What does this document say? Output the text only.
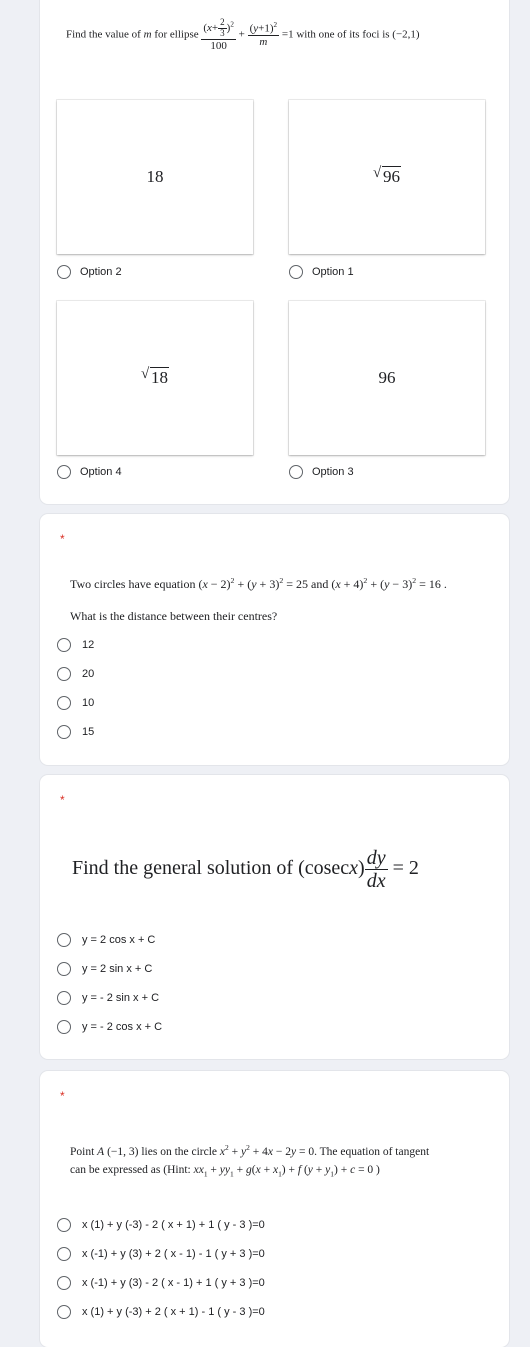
Find the value of m for ellipse $\frac{(x+ \frac{2}{3} )^2}{100} + \frac{(y+1)^2}{m} =1$ with one of its foci is (−2,1)
18	√ 96
Option 2	Option 1
√ 18	96
Option 4	Option 3
*
Two circles have equation $(x - 2)^2 + (y + 3)^2 = 25$ and $(x + 4)^2 + (y - 3)^2 = 16$ .
What is the distance between their centres?
12
20
10
15
*
Find the general solution of $(cosecx) \frac{dy}{dx} = 2$
y = 2 cos x + C
y = 2 sin x + C
y = - 2 sin x + C
y = - 2 cos x + C
*
Point A (−1, 3) lies on the circle $x^2 + y^2 + 4x - 2y = 0$. The equation of tangent
can be expressed as (Hint: $xx_1 + yy_1 + g(x + x_1) + f$ $(y + y_1) + c = 0$ )
x (1) + y (-3) - 2 ( x + 1) + 1 ( y - 3 )=0
x (-1) + y (3) + 2 ( x - 1) - 1 ( y + 3 )=0
x (-1) + y (3) - 2 ( x - 1) + 1 ( y + 3 )=0
x (1) + y (-3) + 2 ( x + 1) - 1 ( y - 3 )=0
